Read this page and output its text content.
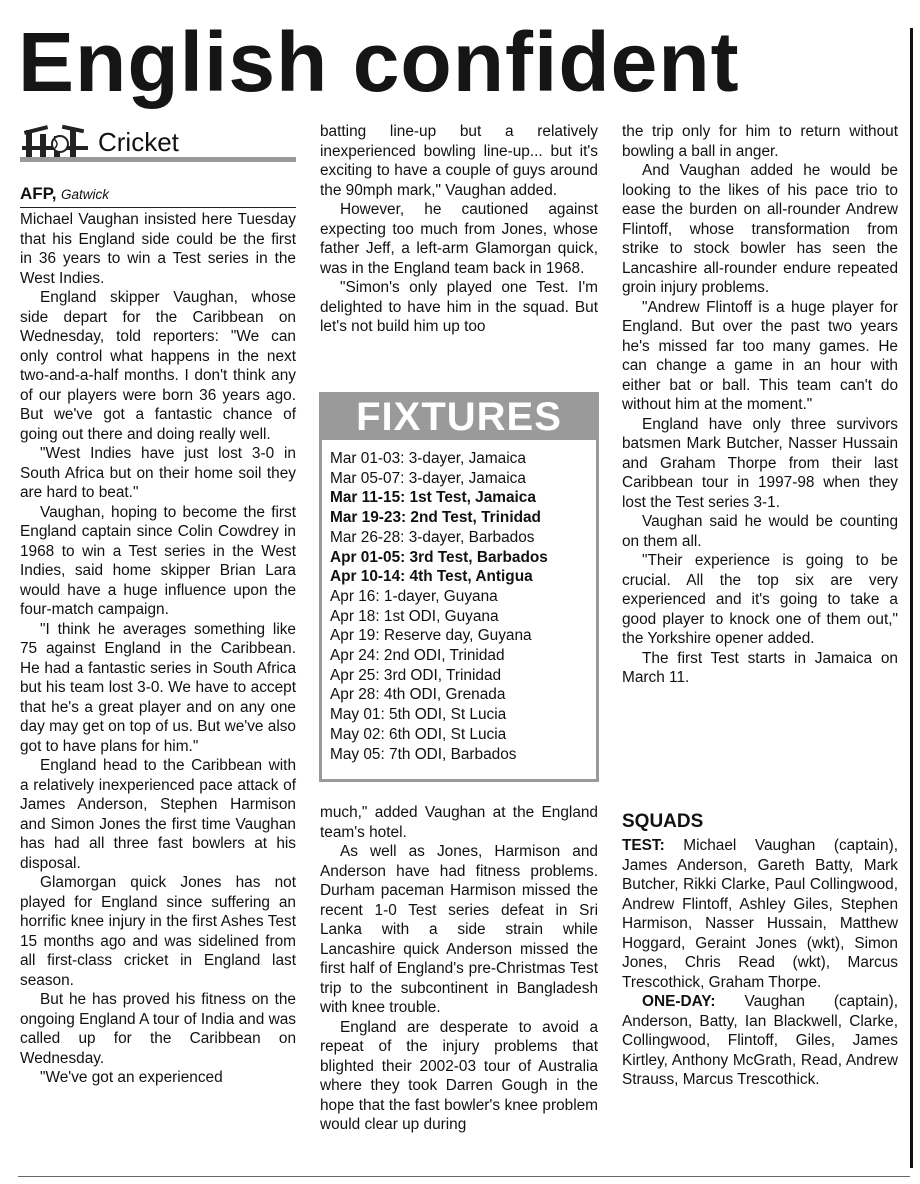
English confident
Cricket
AFP, Gatwick

Michael Vaughan insisted here Tuesday that his England side could be the first in 36 years to win a Test series in the West Indies.

England skipper Vaughan, whose side depart for the Caribbean on Wednesday, told reporters: "We can only control what happens in the next two-and-a-half months. I don't think any of our players were born 36 years ago. But we've got a fantastic chance of going out there and doing really well.

"West Indies have just lost 3-0 in South Africa but on their home soil they are hard to beat."

Vaughan, hoping to become the first England captain since Colin Cowdrey in 1968 to win a Test series in the West Indies, said home skipper Brian Lara would have a huge influence upon the four-match campaign.

"I think he averages something like 75 against England in the Caribbean. He had a fantastic series in South Africa but his team lost 3-0. We have to accept that he's a great player and on any one day may get on top of us. But we've also got to have plans for him."

England head to the Caribbean with a relatively inexperienced pace attack of James Anderson, Stephen Harmison and Simon Jones the first time Vaughan has had all three fast bowlers at his disposal.

Glamorgan quick Jones has not played for England since suffering an horrific knee injury in the first Ashes Test 15 months ago and was sidelined from all first-class cricket in England last season.

But he has proved his fitness on the ongoing England A tour of India and was called up for the Caribbean on Wednesday.

"We've got an experienced

batting line-up but a relatively inexperienced bowling line-up... but it's exciting to have a couple of guys around the 90mph mark," Vaughan added.

However, he cautioned against expecting too much from Jones, whose father Jeff, a left-arm Glamorgan quick, was in the England team back in 1968.

"Simon's only played one Test. I'm delighted to have him in the squad. But let's not build him up too

FIXTURES
Mar 01-03: 3-dayer, Jamaica
Mar 05-07: 3-dayer, Jamaica
Mar 11-15: 1st Test, Jamaica
Mar 19-23: 2nd Test, Trinidad
Mar 26-28: 3-dayer, Barbados
Apr 01-05: 3rd Test, Barbados
Apr 10-14: 4th Test, Antigua
Apr 16: 1-dayer, Guyana
Apr 18: 1st ODI, Guyana
Apr 19: Reserve day, Guyana
Apr 24: 2nd ODI, Trinidad
Apr 25: 3rd ODI, Trinidad
Apr 28: 4th ODI, Grenada
May 01: 5th ODI, St Lucia
May 02: 6th ODI, St Lucia
May 05: 7th ODI, Barbados

much," added Vaughan at the England team's hotel.

As well as Jones, Harmison and Anderson have had fitness problems. Durham paceman Harmison missed the recent 1-0 Test series defeat in Sri Lanka with a side strain while Lancashire quick Anderson missed the first half of England's pre-Christmas Test trip to the subcontinent in Bangladesh with knee trouble.

England are desperate to avoid a repeat of the injury problems that blighted their 2002-03 tour of Australia where they took Darren Gough in the hope that the fast bowler's knee problem would clear up during

the trip only for him to return without bowling a ball in anger.

And Vaughan added he would be looking to the likes of his pace trio to ease the burden on all-rounder Andrew Flintoff, whose transformation from strike to stock bowler has seen the Lancashire all-rounder endure repeated groin injury problems.

"Andrew Flintoff is a huge player for England. But over the past two years he's missed far too many games. He can change a game in an hour with either bat or ball. This team can't do without him at the moment."

England have only three survivors batsmen Mark Butcher, Nasser Hussain and Graham Thorpe from their last Caribbean tour in 1997-98 when they lost the Test series 3-1.

Vaughan said he would be counting on them all.

"Their experience is going to be crucial. All the top six are very experienced and it's going to take a good player to knock one of them out," the Yorkshire opener added.

The first Test starts in Jamaica on March 11.

SQUADS

TEST: Michael Vaughan (captain), James Anderson, Gareth Batty, Mark Butcher, Rikki Clarke, Paul Collingwood, Andrew Flintoff, Ashley Giles, Stephen Harmison, Nasser Hussain, Matthew Hoggard, Geraint Jones (wkt), Simon Jones, Chris Read (wkt), Marcus Trescothick, Graham Thorpe.

ONE-DAY: Vaughan (captain), Anderson, Batty, Ian Blackwell, Clarke, Collingwood, Flintoff, Giles, James Kirtley, Anthony McGrath, Read, Andrew Strauss, Marcus Trescothick.
